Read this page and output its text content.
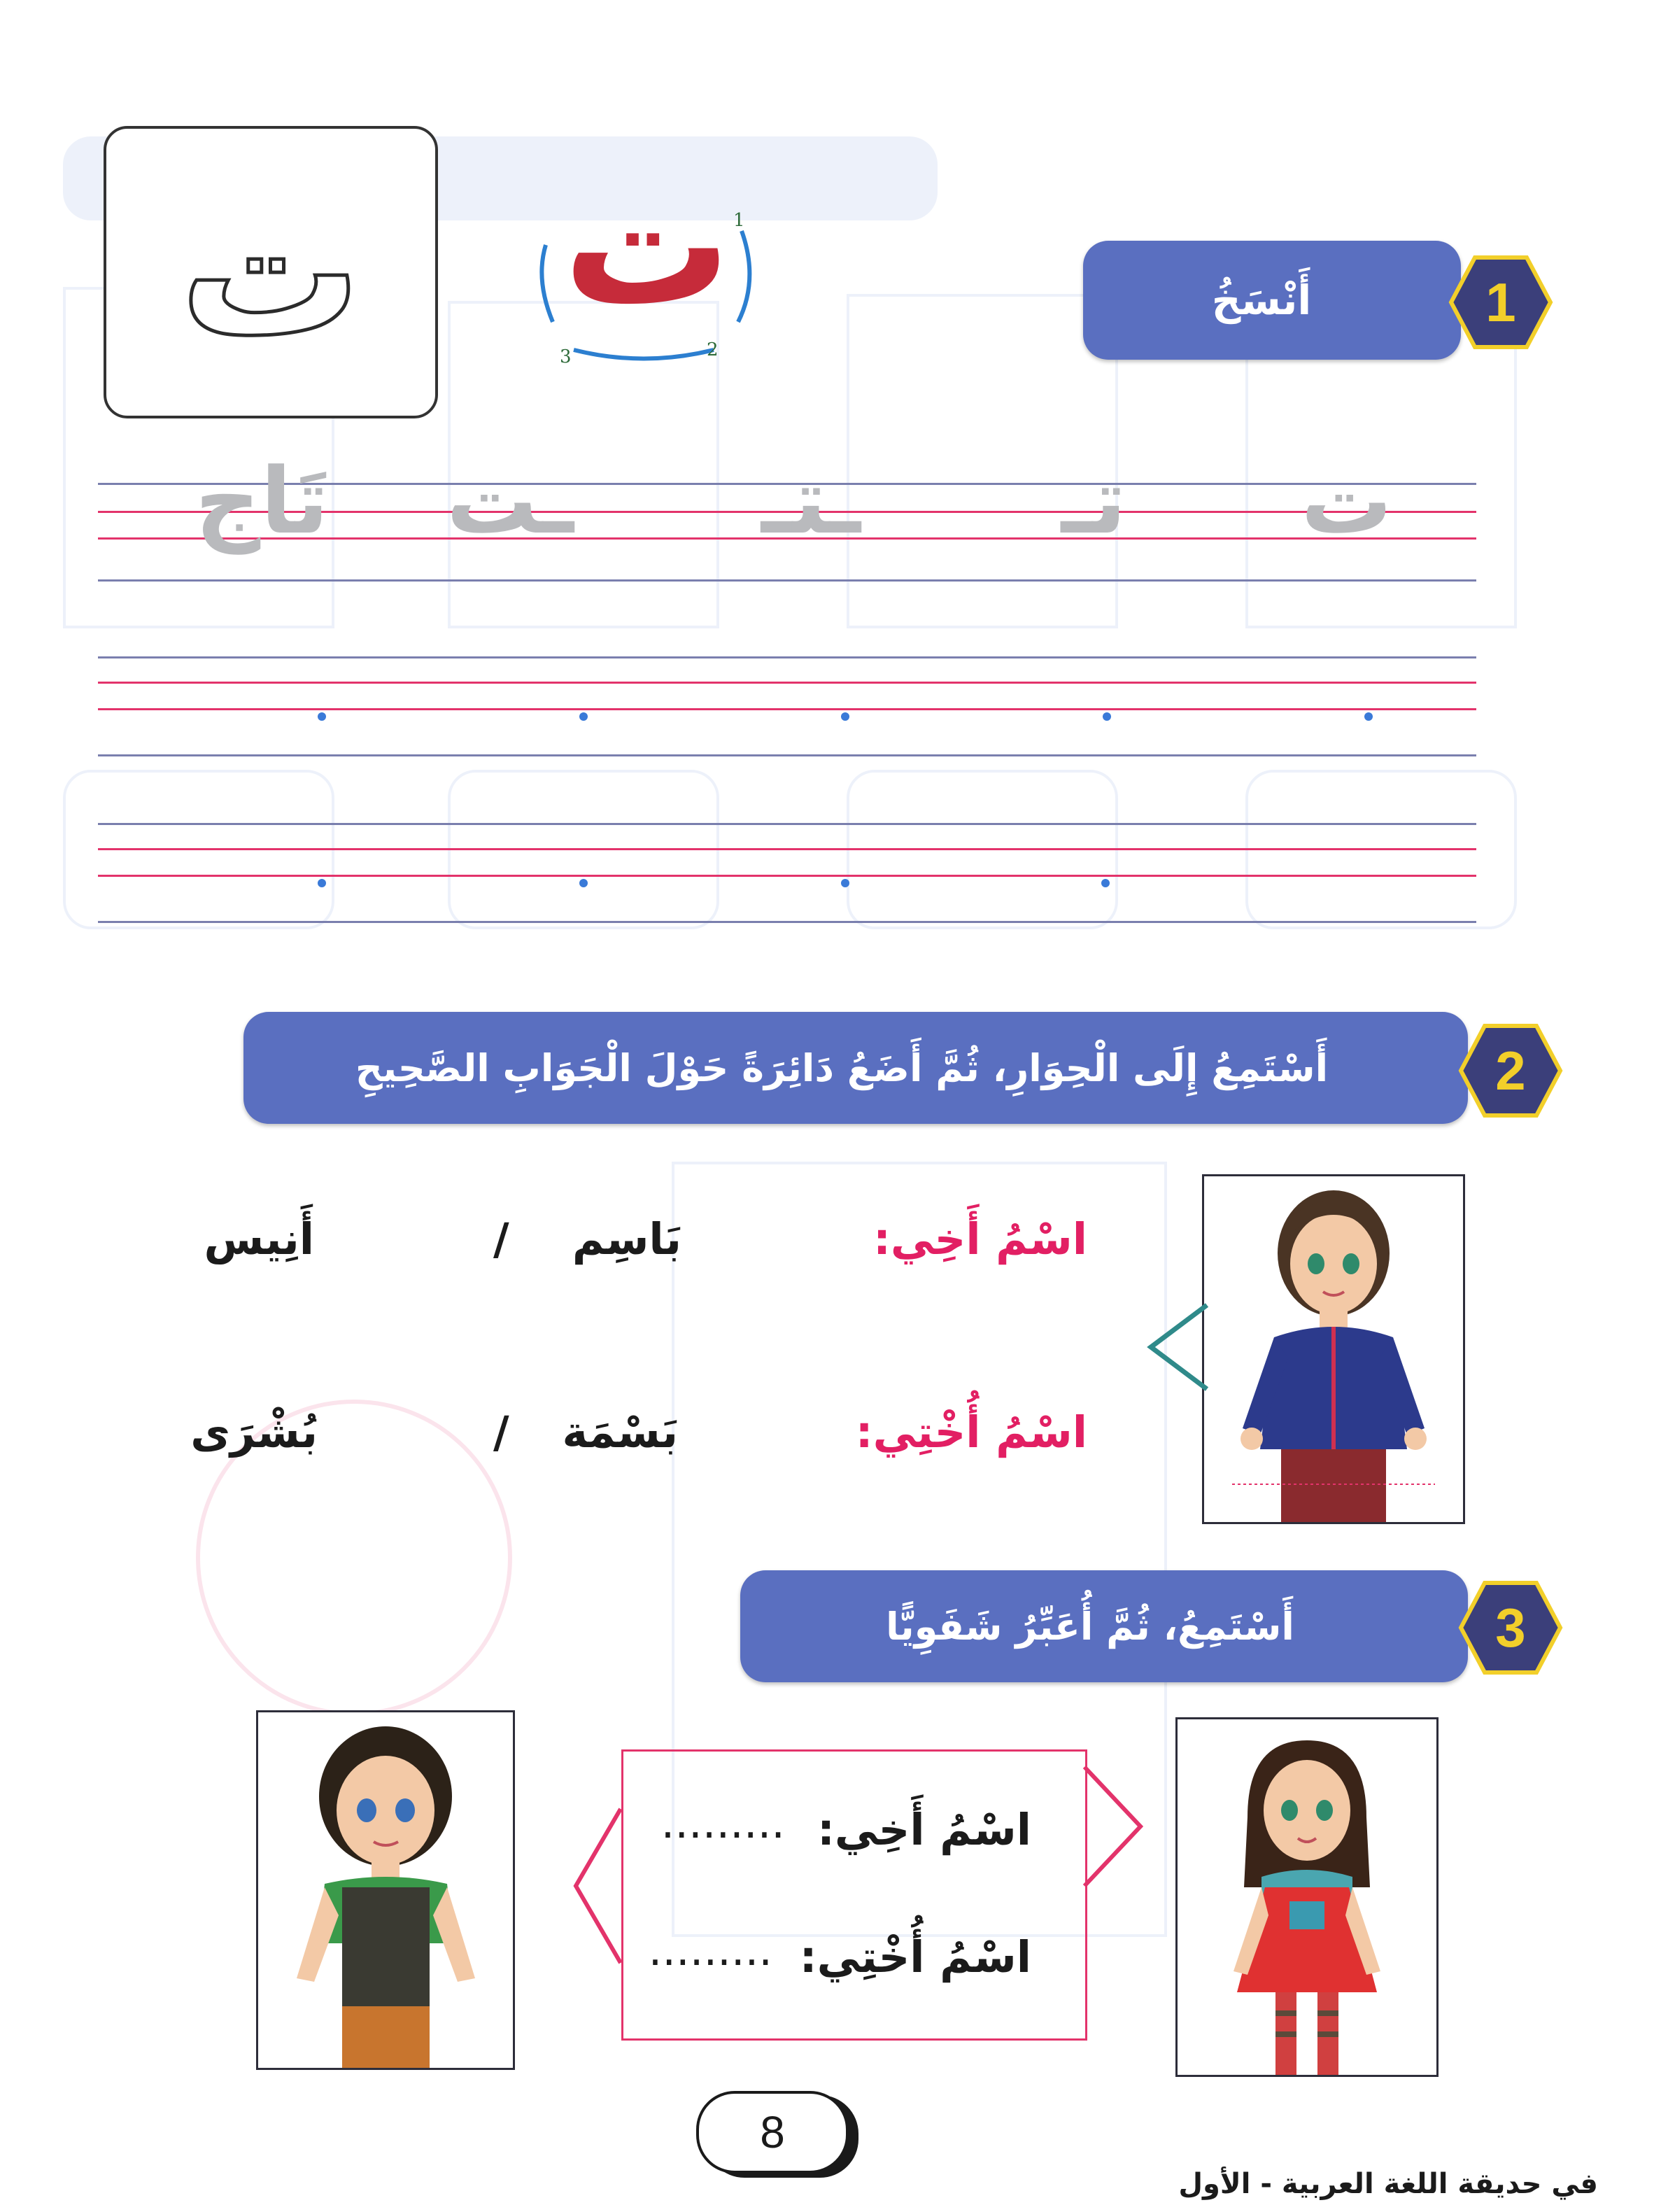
ت	ت 1
2
3
أَنْسَخُ	1
ت
تـ
ـتـ
ـت
تَاج
أَسْتَمِعُ إِلَى الْحِوَارِ، ثُمَّ أَضَعُ دَائِرَةً حَوْلَ الْجَوَابِ الصَّحِيحِ	2
اسْمُ أَخِي:
بَاسِم
/
أَنِيس
اسْمُ أُخْتِي:
بَسْمَة
/
بُشْرَى
أَسْتَمِعُ، ثُمَّ أُعَبِّرُ شَفَوِيًّا	3
اسْمُ أَخِي:
.........
اسْمُ أُخْتِي:
.........
8
في حديقة اللغة العربية - الأول
